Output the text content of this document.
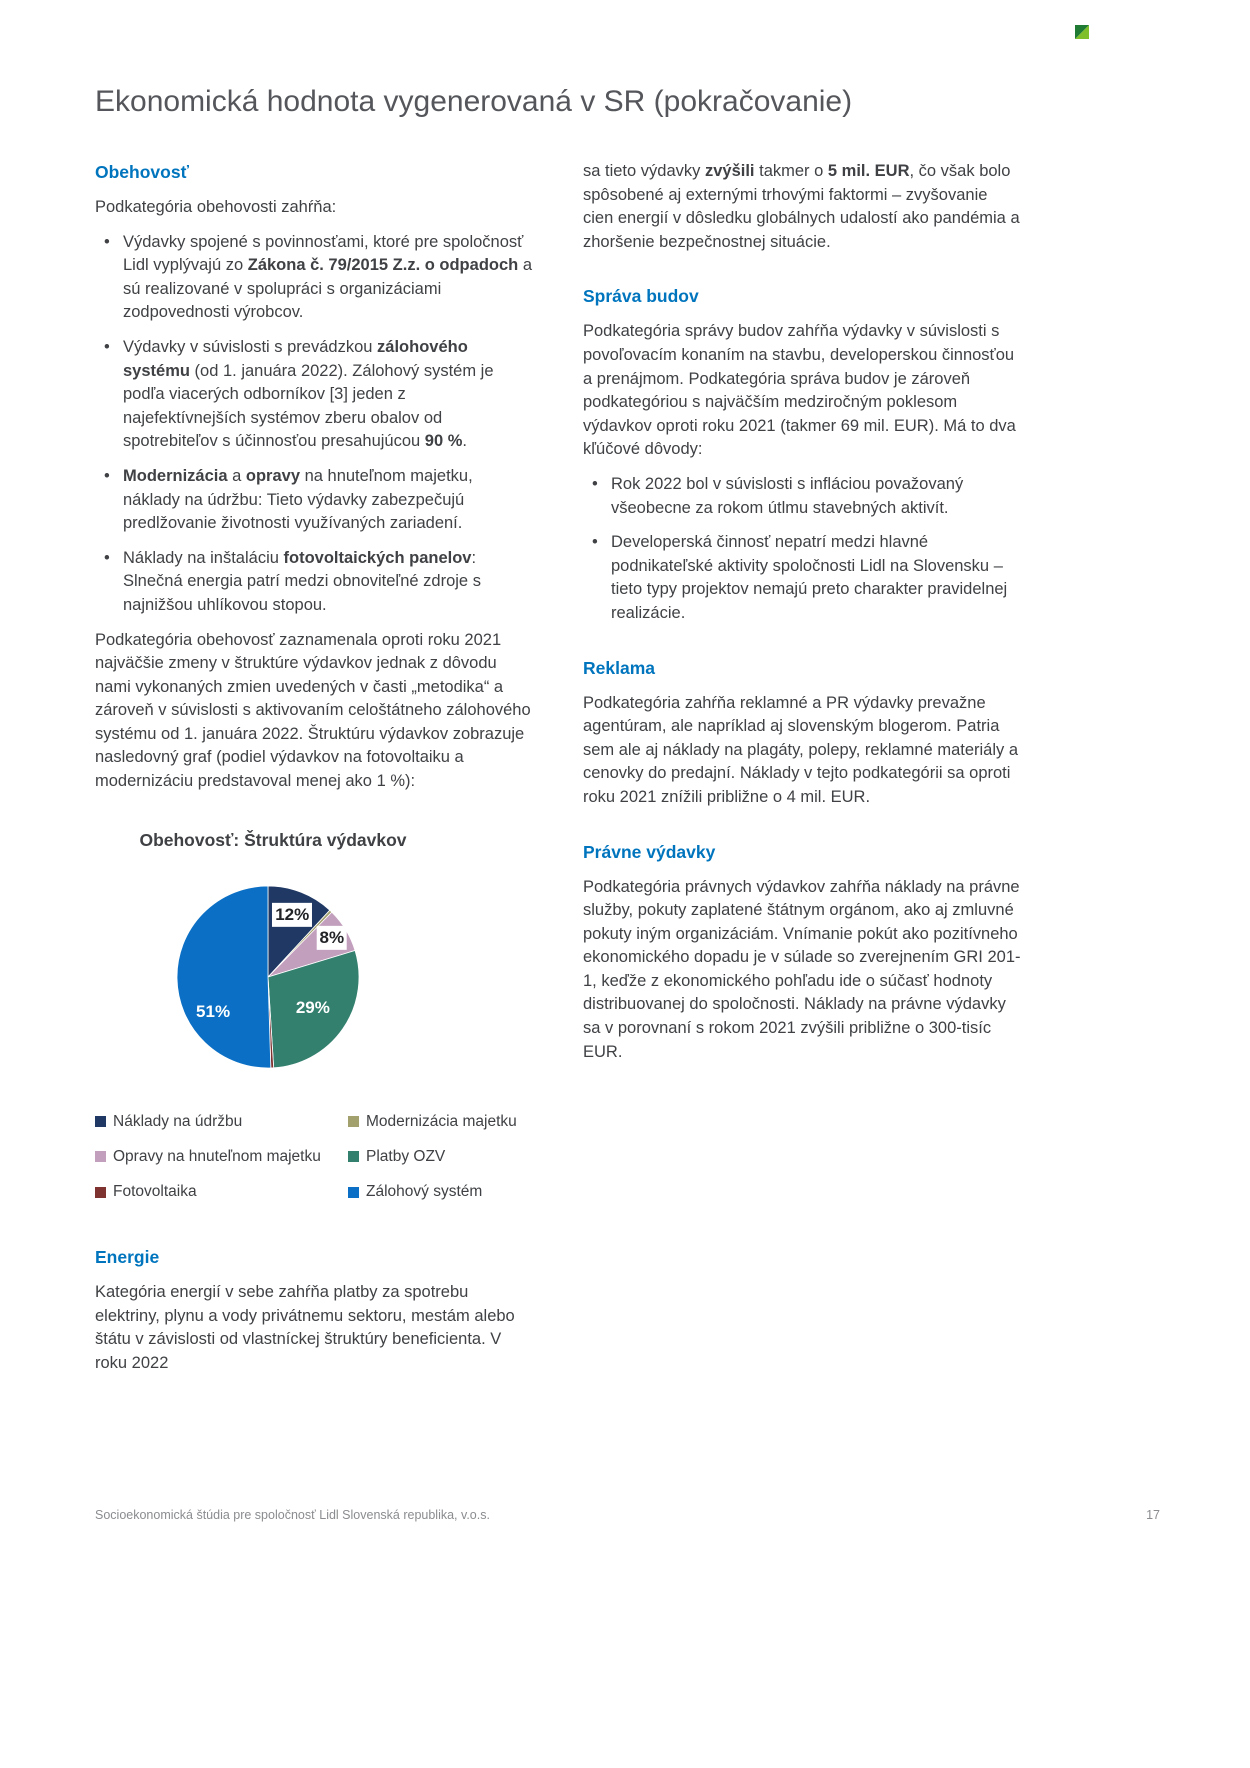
Ekonomická hodnota vygenerovaná v SR (pokračovanie)
Obehovosť

Podkategória obehovosti zahŕňa:

• Výdavky spojené s povinnosťami, ktoré pre spoločnosť Lidl vyplývajú zo Zákona č. 79/2015 Z.z. o odpadoch a sú realizované v spolupráci s organizáciami zodpovednosti výrobcov.
• Výdavky v súvislosti s prevádzkou zálohového systému (od 1. januára 2022). Zálohový systém je podľa viacerých odborníkov [3] jeden z najefektívnejších systémov zberu obalov od spotrebiteľov s účinnosťou presahujúcou 90 %.
• Modernizácia a opravy na hnuteľnom majetku, náklady na údržbu: Tieto výdavky zabezpečujú predlžovanie životnosti využívaných zariadení.
• Náklady na inštaláciu fotovoltaických panelov: Slnečná energia patrí medzi obnoviteľné zdroje s najnižšou uhlíkovou stopou.

Podkategória obehovosť zaznamenala oproti roku 2021 najväčšie zmeny v štruktúre výdavkov jednak z dôvodu nami vykonaných zmien uvedených v časti „metodika“ a zároveň v súvislosti s aktivovaním celoštátneho zálohového systému od 1. januára 2022. Štruktúru výdavkov zobrazuje nasledovný graf (podiel výdavkov na fotovoltaiku a modernizáciu predstavoval menej ako 1 %):

Obehovosť: Štruktúra výdavkov
12%
8%
29%
51%
Náklady na údržbu	Modernizácia majetku
Opravy na hnuteľnom majetku	Platby OZV
Fotovoltaika	Zálohový systém
Energie

Kategória energií v sebe zahŕňa platby za spotrebu elektriny, plynu a vody privátnemu sektoru, mestám alebo štátu v závislosti od vlastníckej štruktúry beneficienta. V roku 2022

sa tieto výdavky zvýšili takmer o 5 mil. EUR, čo však bolo spôsobené aj externými trhovými faktormi – zvyšovanie cien energií v dôsledku globálnych udalostí ako pandémia a zhoršenie bezpečnostnej situácie.

Správa budov

Podkategória správy budov zahŕňa výdavky v súvislosti s povoľovacím konaním na stavbu, developerskou činnosťou a prenájmom. Podkategória správa budov je zároveň podkategóriou s najväčším medziročným poklesom výdavkov oproti roku 2021 (takmer 69 mil. EUR). Má to dva kľúčové dôvody:

• Rok 2022 bol v súvislosti s infláciou považovaný všeobecne za rokom útlmu stavebných aktivít.
• Developerská činnosť nepatrí medzi hlavné podnikateľské aktivity spoločnosti Lidl na Slovensku – tieto typy projektov nemajú preto charakter pravidelnej realizácie.
Reklama

Podkategória zahŕňa reklamné a PR výdavky prevažne agentúram, ale napríklad aj slovenským blogerom. Patria sem ale aj náklady na plagáty, polepy, reklamné materiály a cenovky do predajní. Náklady v tejto podkategórii sa oproti roku 2021 znížili približne o 4 mil. EUR.

Právne výdavky

Podkategória právnych výdavkov zahŕňa náklady na právne služby, pokuty zaplatené štátnym orgánom, ako aj zmluvné pokuty iným organizáciám. Vnímanie pokút ako pozitívneho ekonomického dopadu je v súlade so zverejnením GRI 201-1, keďže z ekonomického pohľadu ide o súčasť hodnoty distribuovanej do spoločnosti. Náklady na právne výdavky sa v porovnaní s rokom 2021 zvýšili približne o 300-tisíc EUR.

Socioekonomická štúdia pre spoločnosť Lidl Slovenská republika, v.o.s.	17
